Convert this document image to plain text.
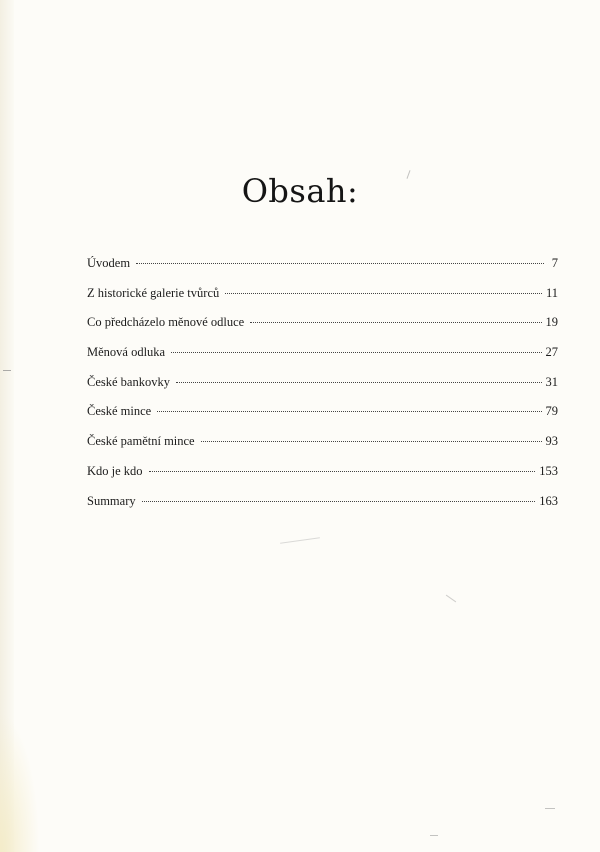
Obsah:
Úvodem	7
Z historické galerie tvůrců	11
Co předcházelo měnové odluce	19
Měnová odluka	27
České bankovky	31
České mince	79
České pamětní mince	93
Kdo je kdo	153
Summary	163
